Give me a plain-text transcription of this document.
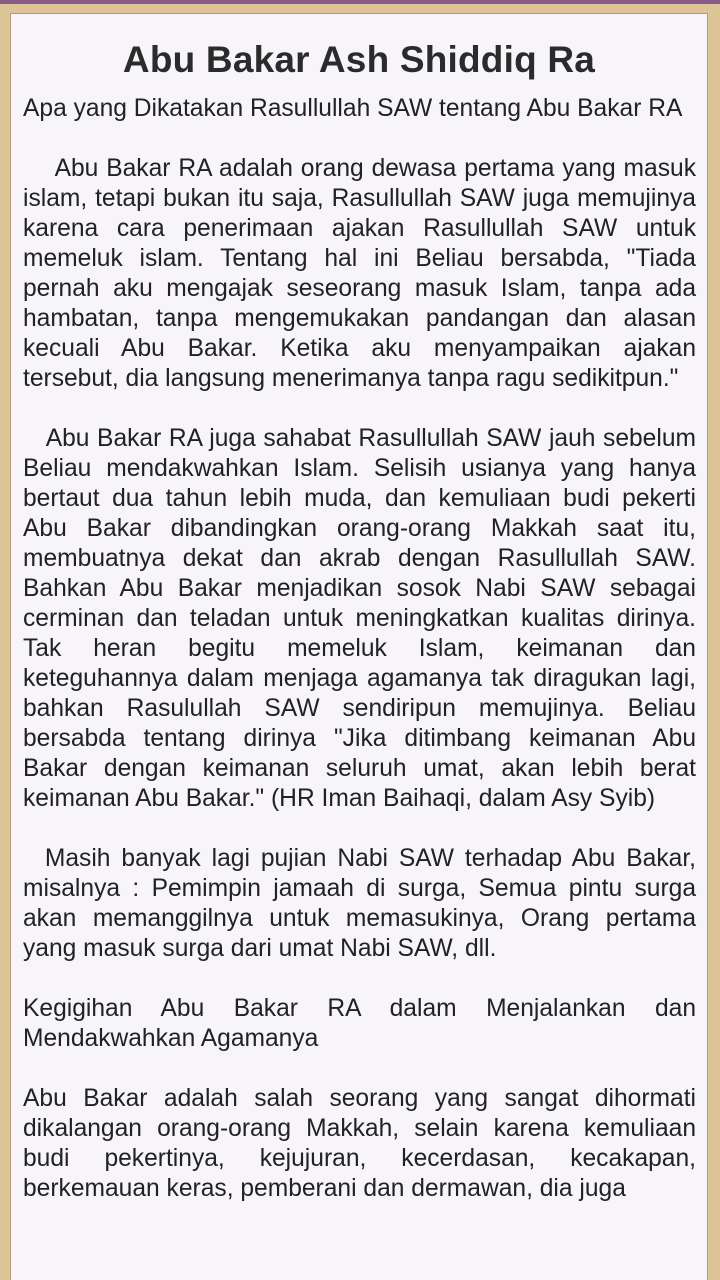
Abu Bakar Ash Shiddiq Ra

Apa yang Dikatakan Rasullullah SAW tentang Abu Bakar RA

Abu Bakar RA adalah orang dewasa pertama yang masuk islam, tetapi bukan itu saja, Rasullullah SAW juga memujinya karena cara penerimaan ajakan Rasullullah SAW untuk memeluk islam. Tentang hal ini Beliau bersabda, "Tiada pernah aku mengajak seseorang masuk Islam, tanpa ada hambatan, tanpa mengemukakan pandangan dan alasan kecuali Abu Bakar. Ketika aku menyampaikan ajakan tersebut, dia langsung menerimanya tanpa ragu sedikitpun."

Abu Bakar RA juga sahabat Rasullullah SAW jauh sebelum Beliau mendakwahkan Islam. Selisih usianya yang hanya bertaut dua tahun lebih muda, dan kemuliaan budi pekerti Abu Bakar dibandingkan orang-orang Makkah saat itu, membuatnya dekat dan akrab dengan Rasullullah SAW. Bahkan Abu Bakar menjadikan sosok Nabi SAW sebagai cerminan dan teladan untuk meningkatkan kualitas dirinya. Tak heran begitu memeluk Islam, keimanan dan keteguhannya dalam menjaga agamanya tak diragukan lagi, bahkan Rasulullah SAW sendiripun memujinya. Beliau bersabda tentang dirinya "Jika ditimbang keimanan Abu Bakar dengan keimanan seluruh umat, akan lebih berat keimanan Abu Bakar." (HR Iman Baihaqi, dalam Asy Syib)

Masih banyak lagi pujian Nabi SAW terhadap Abu Bakar, misalnya : Pemimpin jamaah di surga, Semua pintu surga akan memanggilnya untuk memasukinya, Orang pertama yang masuk surga dari umat Nabi SAW, dll.

Kegigihan Abu Bakar RA dalam Menjalankan dan Mendakwahkan Agamanya

Abu Bakar adalah salah seorang yang sangat dihormati dikalangan orang-orang Makkah, selain karena kemuliaan budi pekertinya, kejujuran, kecerdasan, kecakapan, berkemauan keras, pemberani dan dermawan, dia juga
